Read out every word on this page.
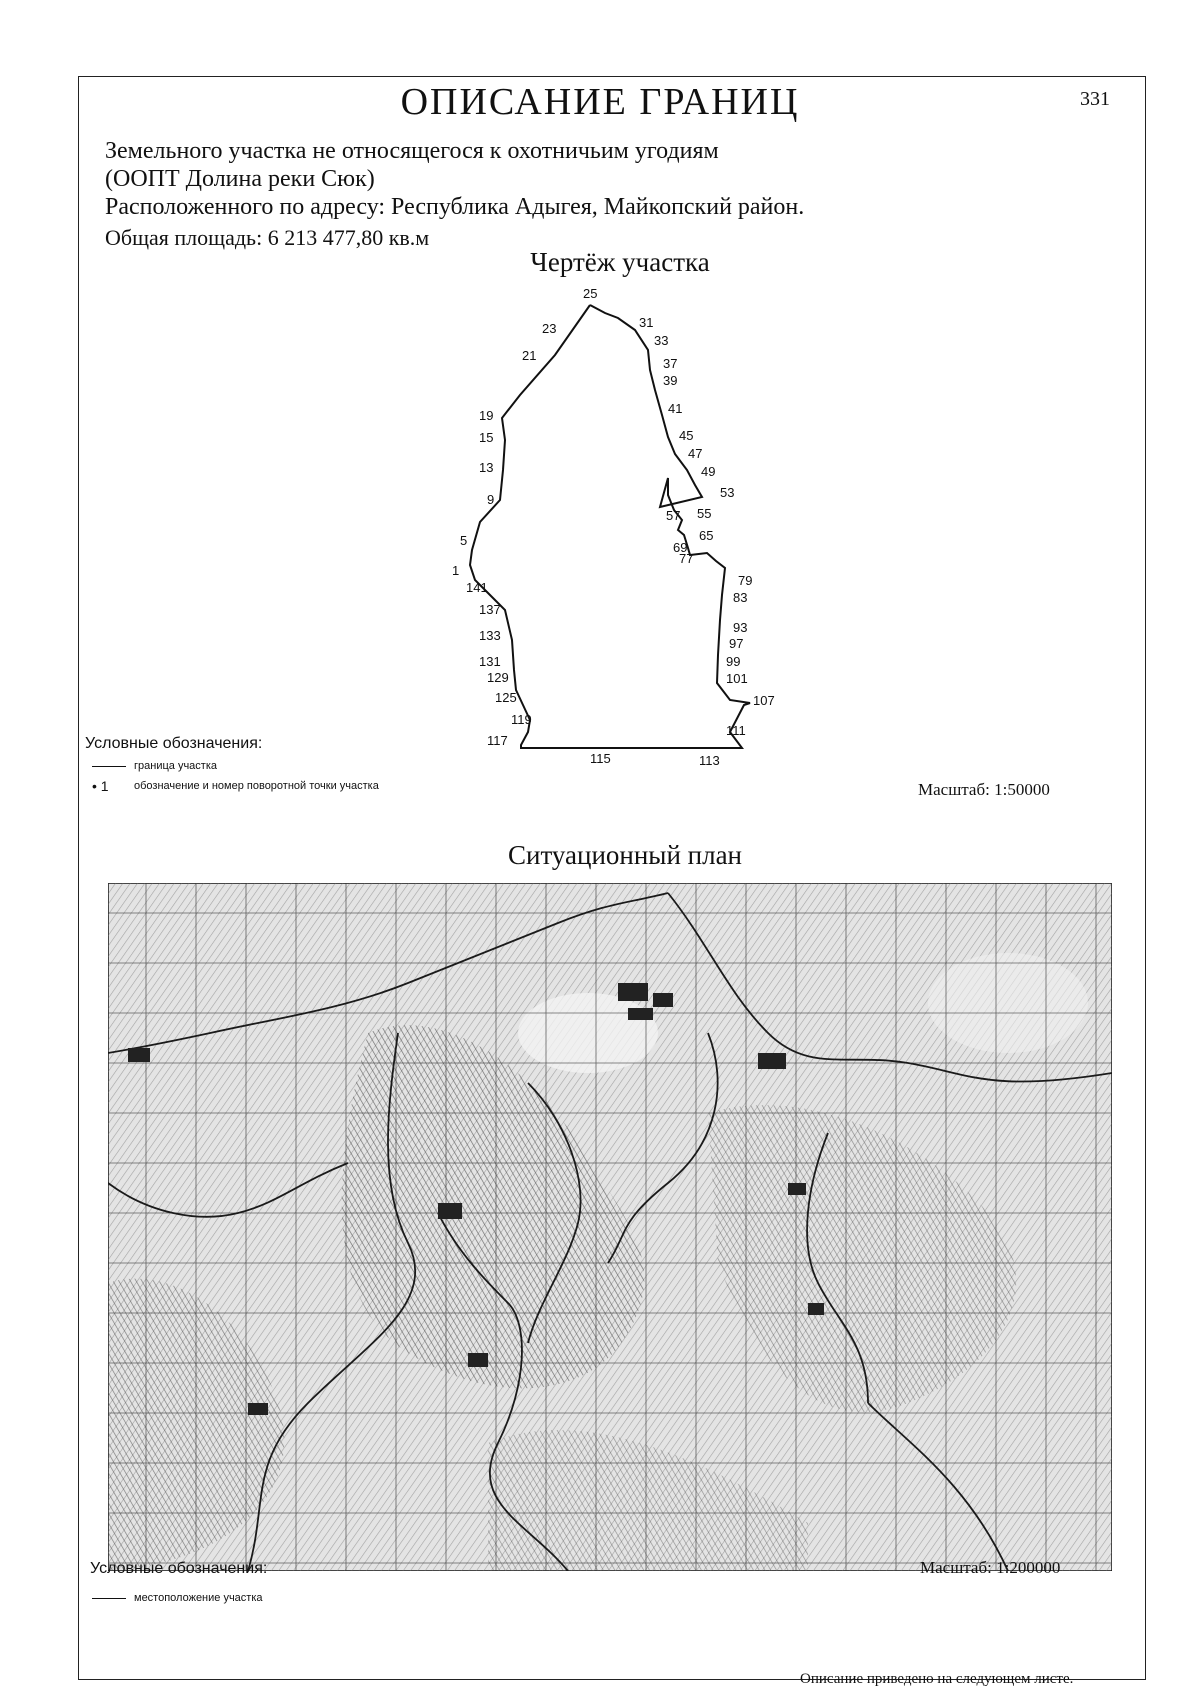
ОПИСАНИЕ ГРАНИЦ	331
Земельного участка не относящегося к охотничьим угодиям
(ООПТ Долина реки Сюк)
Расположенного по адресу: Республика Адыгея, Майкопский район.
Общая площадь: 6 213 477,80 кв.м
Чертёж участка
25
23
21
19
15
13
9
5
1
141
137
133
131
129
125
119
117
115	113
111
107
101
99
97
93
83
79
77
69
65
55
57
53
49
47
45
41
39
37
33
31
Условные обозначения:
граница участка
• 1	обозначение и номер поворотной точки участка	Масштаб: 1:50000
Ситуационный план
Условные обозначения:	Масштаб: 1:200000
местоположение участка
Описание приведено на следующем листе.
